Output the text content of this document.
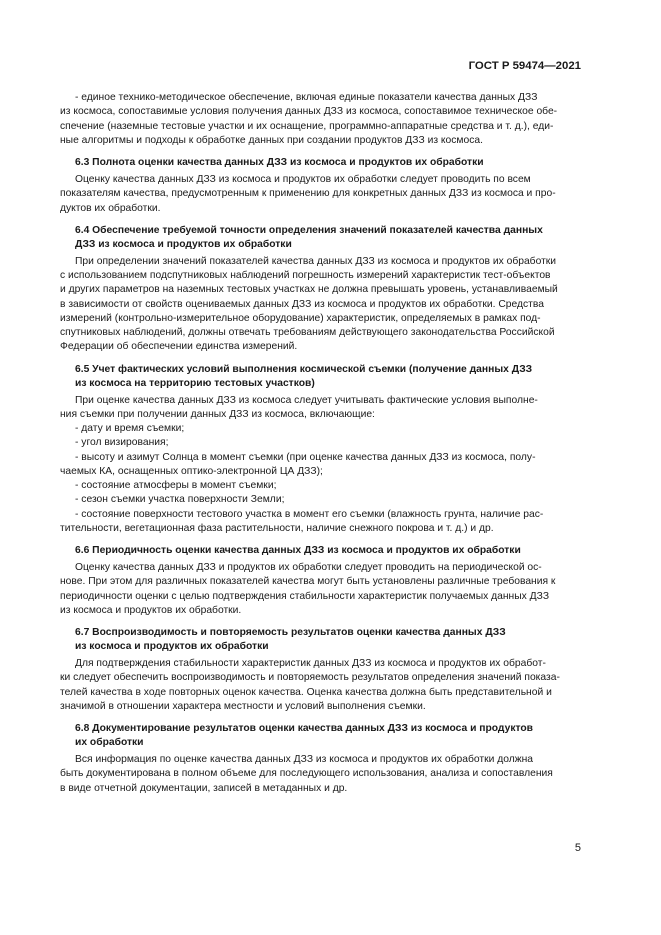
ГОСТ Р 59474—2021
- единое технико-методическое обеспечение, включая единые показатели качества данных ДЗЗ
из космоса, сопоставимые условия получения данных ДЗЗ из космоса, сопоставимое техническое обе-
спечение (наземные тестовые участки и их оснащение, программно-аппаратные средства и т. д.), еди-
ные алгоритмы и подходы к обработке данных при создании продуктов ДЗЗ из космоса.
6.3 Полнота оценки качества данных ДЗЗ из космоса и продуктов их обработки
Оценку качества данных ДЗЗ из космоса и продуктов их обработки следует проводить по всем
показателям качества, предусмотренным к применению для конкретных данных ДЗЗ из космоса и про-
дуктов их обработки.
6.4 Обеспечение требуемой точности определения значений показателей качества данных
ДЗЗ из космоса и продуктов их обработки
При определении значений показателей качества данных ДЗЗ из космоса и продуктов их обработки
с использованием подспутниковых наблюдений погрешность измерений характеристик тест-объектов
и других параметров на наземных тестовых участках не должна превышать уровень, устанавливаемый
в зависимости от свойств оцениваемых данных ДЗЗ из космоса и продуктов их обработки. Средства
измерений (контрольно-измерительное оборудование) характеристик, определяемых в рамках под-
спутниковых наблюдений, должны отвечать требованиям действующего законодательства Российской
Федерации об обеспечении единства измерений.
6.5 Учет фактических условий выполнения космической съемки (получение данных ДЗЗ
из космоса на территорию тестовых участков)
При оценке качества данных ДЗЗ из космоса следует учитывать фактические условия выполне-
ния съемки при получении данных ДЗЗ из космоса, включающие:
- дату и время съемки;
- угол визирования;
- высоту и азимут Солнца в момент съемки (при оценке качества данных ДЗЗ из космоса, полу-
чаемых КА, оснащенных оптико-электронной ЦА ДЗЗ);
- состояние атмосферы в момент съемки;
- сезон съемки участка поверхности Земли;
- состояние поверхности тестового участка в момент его съемки (влажность грунта, наличие рас-
тительности, вегетационная фаза растительности, наличие снежного покрова и т. д.) и др.
6.6 Периодичность оценки качества данных ДЗЗ из космоса и продуктов их обработки
Оценку качества данных ДЗЗ и продуктов их обработки следует проводить на периодической ос-
нове. При этом для различных показателей качества могут быть установлены различные требования к
периодичности оценки с целью подтверждения стабильности характеристик получаемых данных ДЗЗ
из космоса и продуктов их обработки.
6.7 Воспроизводимость и повторяемость результатов оценки качества данных ДЗЗ
из космоса и продуктов их обработки
Для подтверждения стабильности характеристик данных ДЗЗ из космоса и продуктов их обработ-
ки следует обеспечить воспроизводимость и повторяемость результатов определения значений показа-
телей качества в ходе повторных оценок качества. Оценка качества должна быть представительной и
значимой в отношении характера местности и условий выполнения съемки.
6.8 Документирование результатов оценки качества данных ДЗЗ из космоса и продуктов
их обработки
Вся информация по оценке качества данных ДЗЗ из космоса и продуктов их обработки должна
быть документирована в полном объеме для последующего использования, анализа и сопоставления
в виде отчетной документации, записей в метаданных и др.
5
